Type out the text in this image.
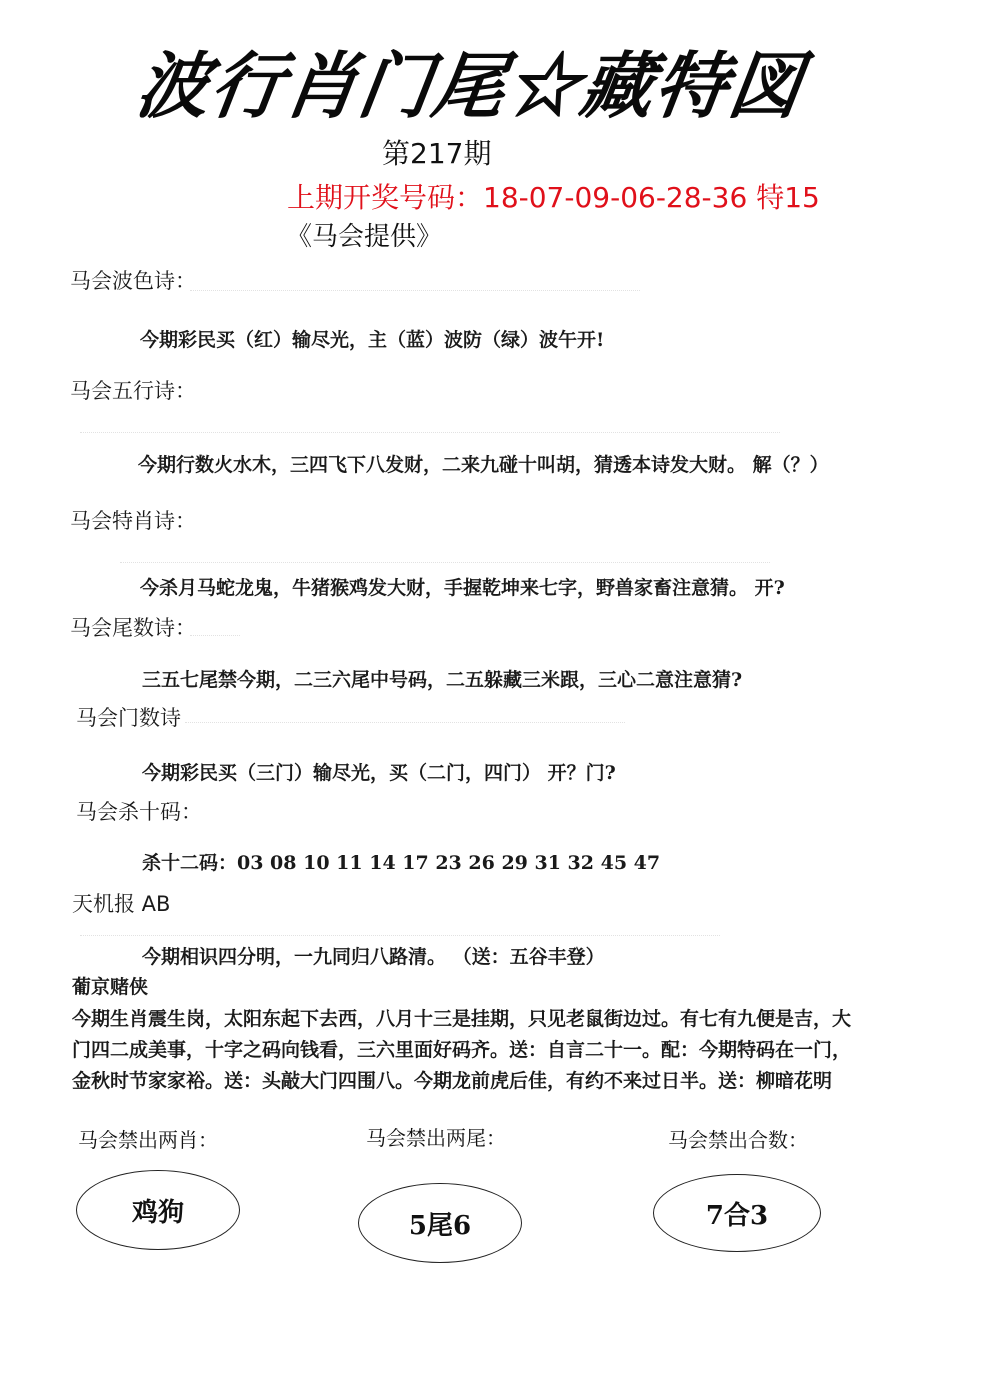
波行肖门尾☆藏特図
第217期
上期开奖号码：18-07-09-06-28-36 特15
《马会提供》
马会波色诗：
今期彩民买（红）输尽光，主（蓝）波防（绿）波午开!
马会五行诗：
今期行数火水木，三四飞下八发财，二来九碰十叫胡，猜透本诗发大财。 解（？）
马会特肖诗：
今杀月马蛇龙鬼，牛猪猴鸡发大财，手握乾坤来七字，野兽家畜注意猜。 开?
马会尾数诗：
三五七尾禁今期，二三六尾中号码，二五躲藏三米跟，三心二意注意猜?
马会门数诗
今期彩民买（三门）输尽光，买（二门，四门） 开？门?
马会杀十码：
杀十二码：03 08 10 11 14 17 23 26 29 31 32 45 47
天机报 AB
今期相识四分明，一九同归八路清。 （送：五谷丰登）
葡京赌侠
今期生肖震生岗，太阳东起下去西，八月十三是挂期，只见老鼠街边过。有七有九便是吉，大
门四二成美事，十字之码向钱看，三六里面好码齐。送：自言二十一。配：今期特码在一门，
金秋时节家家裕。送：头敲大门四围八。今期龙前虎后佳，有约不来过日半。送：柳暗花明
马会禁出两肖：	马会禁出两尾：	马会禁出合数：
鸡狗	5尾6	7合3
